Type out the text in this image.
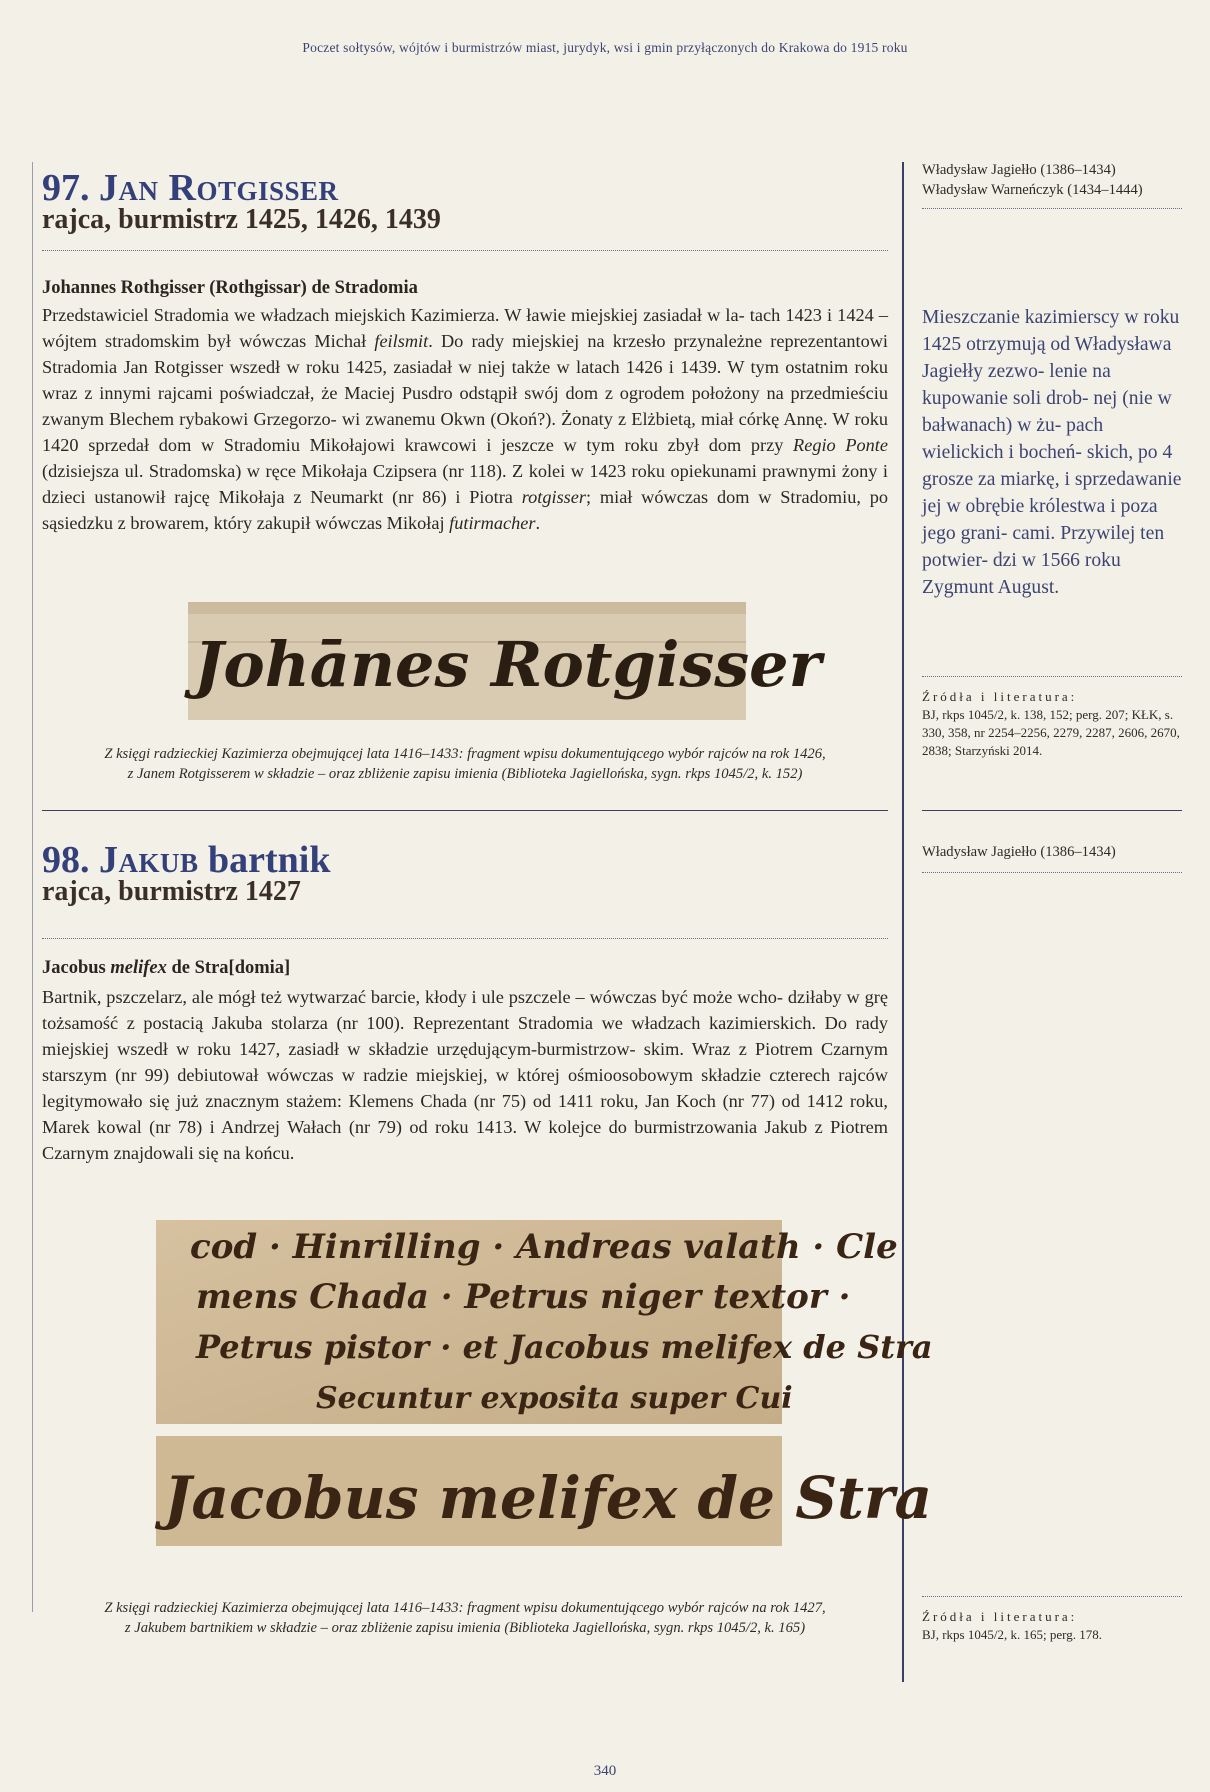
Poczet sołtysów, wójtów i burmistrzów miast, jurydyk, wsi i gmin przyłączonych do Krakowa do 1915 roku
97. Jan Rotgisser
rajca, burmistrz 1425, 1426, 1439
Władysław Jagiełło (1386–1434)
Władysław Warneńczyk (1434–1444)
Johannes Rothgisser (Rothgissar) de Stradomia
Przedstawiciel Stradomia we władzach miejskich Kazimierza. W ławie miejskiej zasiadał w la- tach 1423 i 1424 – wójtem stradomskim był wówczas Michał feilsmit. Do rady miejskiej na krzesło przynależne reprezentantowi Stradomia Jan Rotgisser wszedł w roku 1425, zasiadał w niej także w latach 1426 i 1439. W tym ostatnim roku wraz z innymi rajcami poświadczał, że Maciej Pusdro odstąpił swój dom z ogrodem położony na przedmieściu zwanym Blechem rybakowi Grzegorzo- wi zwanemu Okwn (Okoń?). Żonaty z Elżbietą, miał córkę Annę. W roku 1420 sprzedał dom w Stradomiu Mikołajowi krawcowi i jeszcze w tym roku zbył dom przy Regio Ponte (dzisiejsza ul. Stradomska) w ręce Mikołaja Czipsera (nr 118). Z kolei w 1423 roku opiekunami prawnymi żony i dzieci ustanowił rajcę Mikołaja z Neumarkt (nr 86) i Piotra rotgisser; miał wówczas dom w Stradomiu, po sąsiedzku z browarem, który zakupił wówczas Mikołaj futirmacher.
Mieszczanie kazimierscy w roku 1425 otrzymują od Władysława Jagiełły zezwo- lenie na kupowanie soli drob- nej (nie w bałwanach) w żu- pach wielickich i bocheń- skich, po 4 grosze za miarkę, i sprzedawanie jej w obrębie królestwa i poza jego grani- cami. Przywilej ten potwier- dzi w 1566 roku Zygmunt August.
Johānes Rotgisser
Z księgi radzieckiej Kazimierza obejmującej lata 1416–1433: fragment wpisu dokumentującego wybór rajców na rok 1426,
z Janem Rotgisserem w składzie – oraz zbliżenie zapisu imienia (Biblioteka Jagiellońska, sygn. rkps 1045/2, k. 152)
Źródła i literatura:
BJ, rkps 1045/2, k. 138, 152; perg. 207; KŁK, s. 330, 358, nr 2254–2256, 2279, 2287, 2606, 2670, 2838; Starzyński 2014.
98. Jakub bartnik
rajca, burmistrz 1427
Władysław Jagiełło (1386–1434)
Jacobus melifex de Stra[domia]
Bartnik, pszczelarz, ale mógł też wytwarzać barcie, kłody i ule pszczele – wówczas być może wcho- dziłaby w grę tożsamość z postacią Jakuba stolarza (nr 100). Reprezentant Stradomia we władzach kazimierskich. Do rady miejskiej wszedł w roku 1427, zasiadł w składzie urzędującym-burmistrzow- skim. Wraz z Piotrem Czarnym starszym (nr 99) debiutował wówczas w radzie miejskiej, w której ośmioosobowym składzie czterech rajców legitymowało się już znacznym stażem: Klemens Chada (nr 75) od 1411 roku, Jan Koch (nr 77) od 1412 roku, Marek kowal (nr 78) i Andrzej Wałach (nr 79) od roku 1413. W kolejce do burmistrzowania Jakub z Piotrem Czarnym znajdowali się na końcu.
cod · Hinrilling · Andreas valath · Cle
mens Chada · Petrus niger textor ·
Petrus pistor · et Jacobus melifex de Stra
Secuntur exposita super Cui
Jacobus melifex de Stra
Z księgi radzieckiej Kazimierza obejmującej lata 1416–1433: fragment wpisu dokumentującego wybór rajców na rok 1427,
z Jakubem bartnikiem w składzie – oraz zbliżenie zapisu imienia (Biblioteka Jagiellońska, sygn. rkps 1045/2, k. 165)
Źródła i literatura:
BJ, rkps 1045/2, k. 165; perg. 178.
340
